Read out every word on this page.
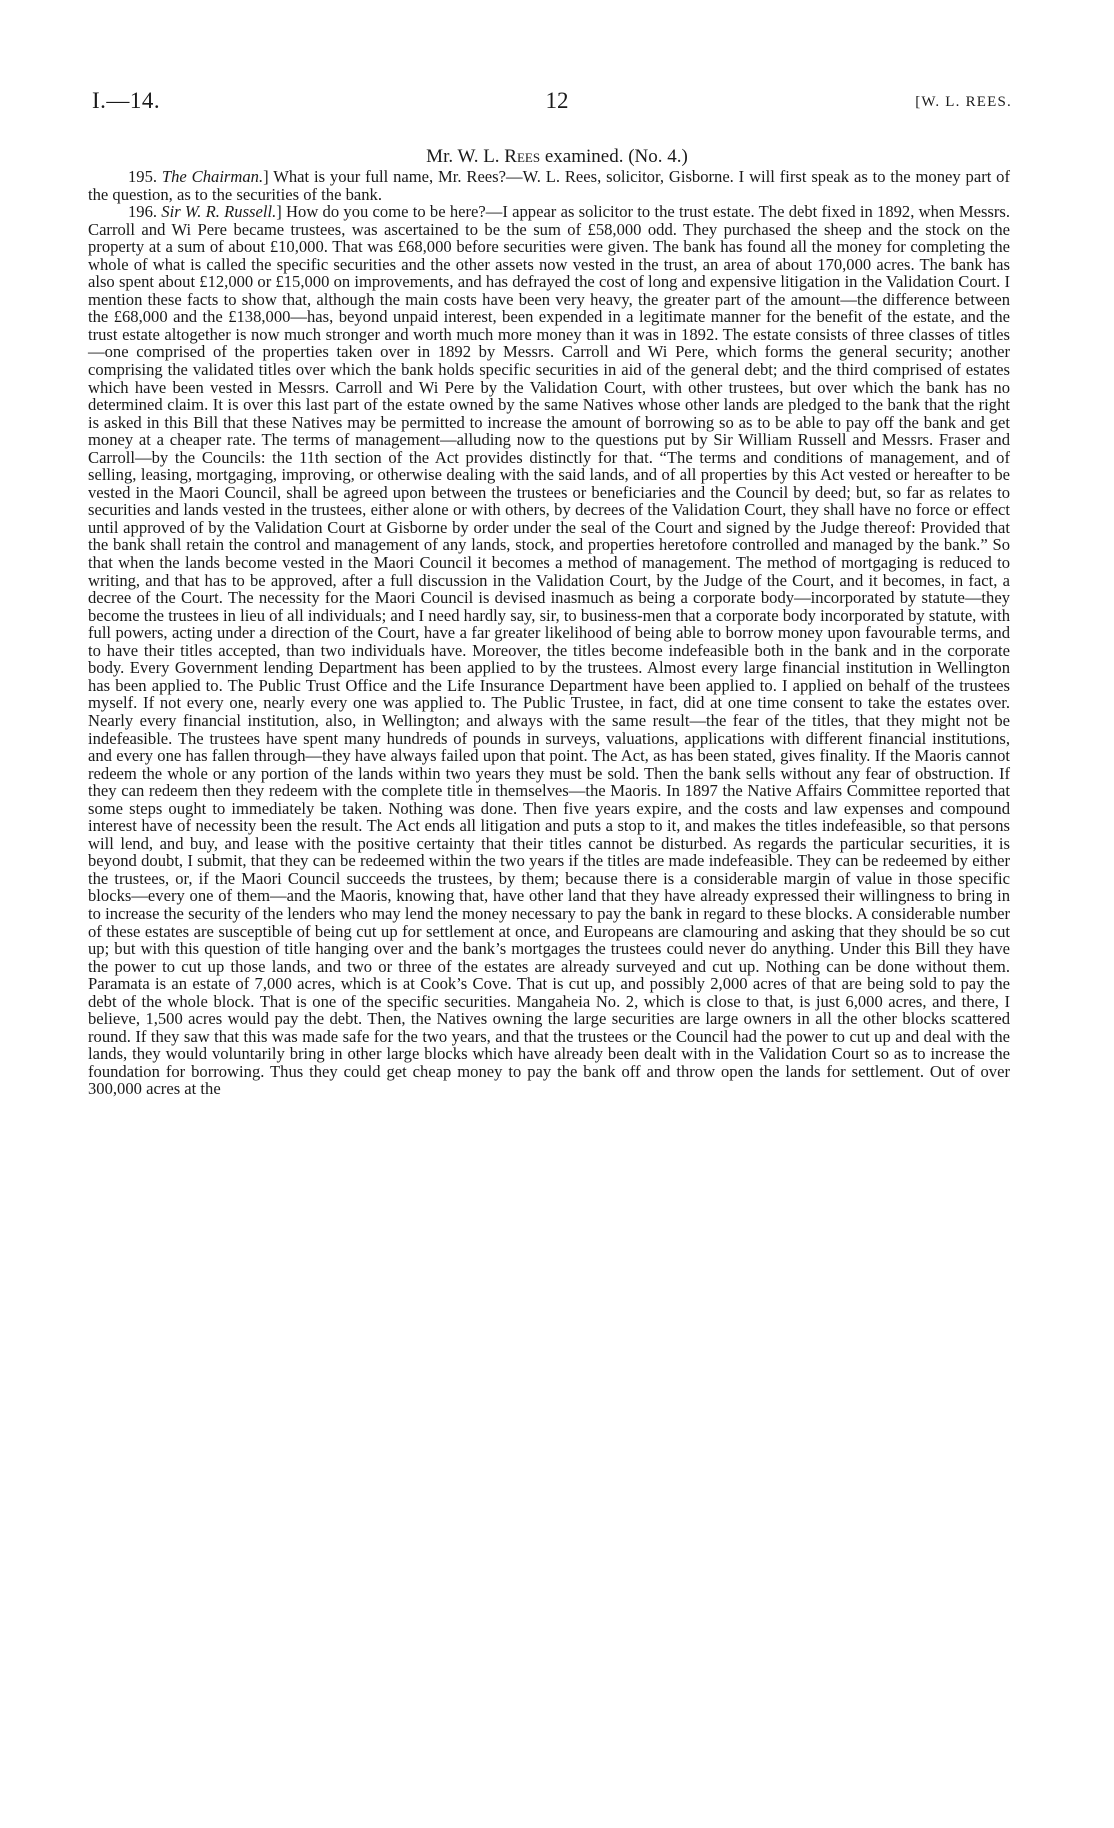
I.—14.	12	[W. L. REES.
Mr. W. L. Rees examined. (No. 4.)

195. The Chairman.] What is your full name, Mr. Rees?—W. L. Rees, solicitor, Gisborne. I will first speak as to the money part of the question, as to the securities of the bank.

196. Sir W. R. Russell.] How do you come to be here?—I appear as solicitor to the trust estate. The debt fixed in 1892, when Messrs. Carroll and Wi Pere became trustees, was ascertained to be the sum of £58,000 odd. They purchased the sheep and the stock on the property at a sum of about £10,000. That was £68,000 before securities were given. The bank has found all the money for completing the whole of what is called the specific securities and the other assets now vested in the trust, an area of about 170,000 acres. The bank has also spent about £12,000 or £15,000 on improvements, and has defrayed the cost of long and expensive litigation in the Validation Court. I mention these facts to show that, although the main costs have been very heavy, the greater part of the amount—the difference between the £68,000 and the £138,000—has, beyond unpaid interest, been expended in a legitimate manner for the benefit of the estate, and the trust estate altogether is now much stronger and worth much more money than it was in 1892. The estate consists of three classes of titles—one comprised of the properties taken over in 1892 by Messrs. Carroll and Wi Pere, which forms the general security; another comprising the validated titles over which the bank holds specific securities in aid of the general debt; and the third comprised of estates which have been vested in Messrs. Carroll and Wi Pere by the Validation Court, with other trustees, but over which the bank has no determined claim. It is over this last part of the estate owned by the same Natives whose other lands are pledged to the bank that the right is asked in this Bill that these Natives may be permitted to increase the amount of borrowing so as to be able to pay off the bank and get money at a cheaper rate. The terms of management—alluding now to the questions put by Sir William Russell and Messrs. Fraser and Carroll—by the Councils: the 11th section of the Act provides distinctly for that. “The terms and conditions of management, and of selling, leasing, mortgaging, improving, or otherwise dealing with the said lands, and of all properties by this Act vested or hereafter to be vested in the Maori Council, shall be agreed upon between the trustees or beneficiaries and the Council by deed; but, so far as relates to securities and lands vested in the trustees, either alone or with others, by decrees of the Validation Court, they shall have no force or effect until approved of by the Validation Court at Gisborne by order under the seal of the Court and signed by the Judge thereof: Provided that the bank shall retain the control and management of any lands, stock, and properties heretofore controlled and managed by the bank.” So that when the lands become vested in the Maori Council it becomes a method of management. The method of mortgaging is reduced to writing, and that has to be approved, after a full discussion in the Validation Court, by the Judge of the Court, and it becomes, in fact, a decree of the Court. The necessity for the Maori Council is devised inasmuch as being a corporate body—incorporated by statute—they become the trustees in lieu of all individuals; and I need hardly say, sir, to business-men that a corporate body incorporated by statute, with full powers, acting under a direction of the Court, have a far greater likelihood of being able to borrow money upon favourable terms, and to have their titles accepted, than two individuals have. Moreover, the titles become indefeasible both in the bank and in the corporate body. Every Government lending Department has been applied to by the trustees. Almost every large financial institution in Wellington has been applied to. The Public Trust Office and the Life Insurance Department have been applied to. I applied on behalf of the trustees myself. If not every one, nearly every one was applied to. The Public Trustee, in fact, did at one time consent to take the estates over. Nearly every financial institution, also, in Wellington; and always with the same result—the fear of the titles, that they might not be indefeasible. The trustees have spent many hundreds of pounds in surveys, valuations, applications with different financial institutions, and every one has fallen through—they have always failed upon that point. The Act, as has been stated, gives finality. If the Maoris cannot redeem the whole or any portion of the lands within two years they must be sold. Then the bank sells without any fear of obstruction. If they can redeem then they redeem with the complete title in themselves—the Maoris. In 1897 the Native Affairs Committee reported that some steps ought to immediately be taken. Nothing was done. Then five years expire, and the costs and law expenses and compound interest have of necessity been the result. The Act ends all litigation and puts a stop to it, and makes the titles indefeasible, so that persons will lend, and buy, and lease with the positive certainty that their titles cannot be disturbed. As regards the particular securities, it is beyond doubt, I submit, that they can be redeemed within the two years if the titles are made indefeasible. They can be redeemed by either the trustees, or, if the Maori Council succeeds the trustees, by them; because there is a considerable margin of value in those specific blocks—every one of them—and the Maoris, knowing that, have other land that they have already expressed their willingness to bring in to increase the security of the lenders who may lend the money necessary to pay the bank in regard to these blocks. A considerable number of these estates are susceptible of being cut up for settlement at once, and Europeans are clamouring and asking that they should be so cut up; but with this question of title hanging over and the bank’s mortgages the trustees could never do anything. Under this Bill they have the power to cut up those lands, and two or three of the estates are already surveyed and cut up. Nothing can be done without them. Paramata is an estate of 7,000 acres, which is at Cook’s Cove. That is cut up, and possibly 2,000 acres of that are being sold to pay the debt of the whole block. That is one of the specific securities. Mangaheia No. 2, which is close to that, is just 6,000 acres, and there, I believe, 1,500 acres would pay the debt. Then, the Natives owning the large securities are large owners in all the other blocks scattered round. If they saw that this was made safe for the two years, and that the trustees or the Council had the power to cut up and deal with the lands, they would voluntarily bring in other large blocks which have already been dealt with in the Validation Court so as to increase the foundation for borrowing. Thus they could get cheap money to pay the bank off and throw open the lands for settlement. Out of over 300,000 acres at the
